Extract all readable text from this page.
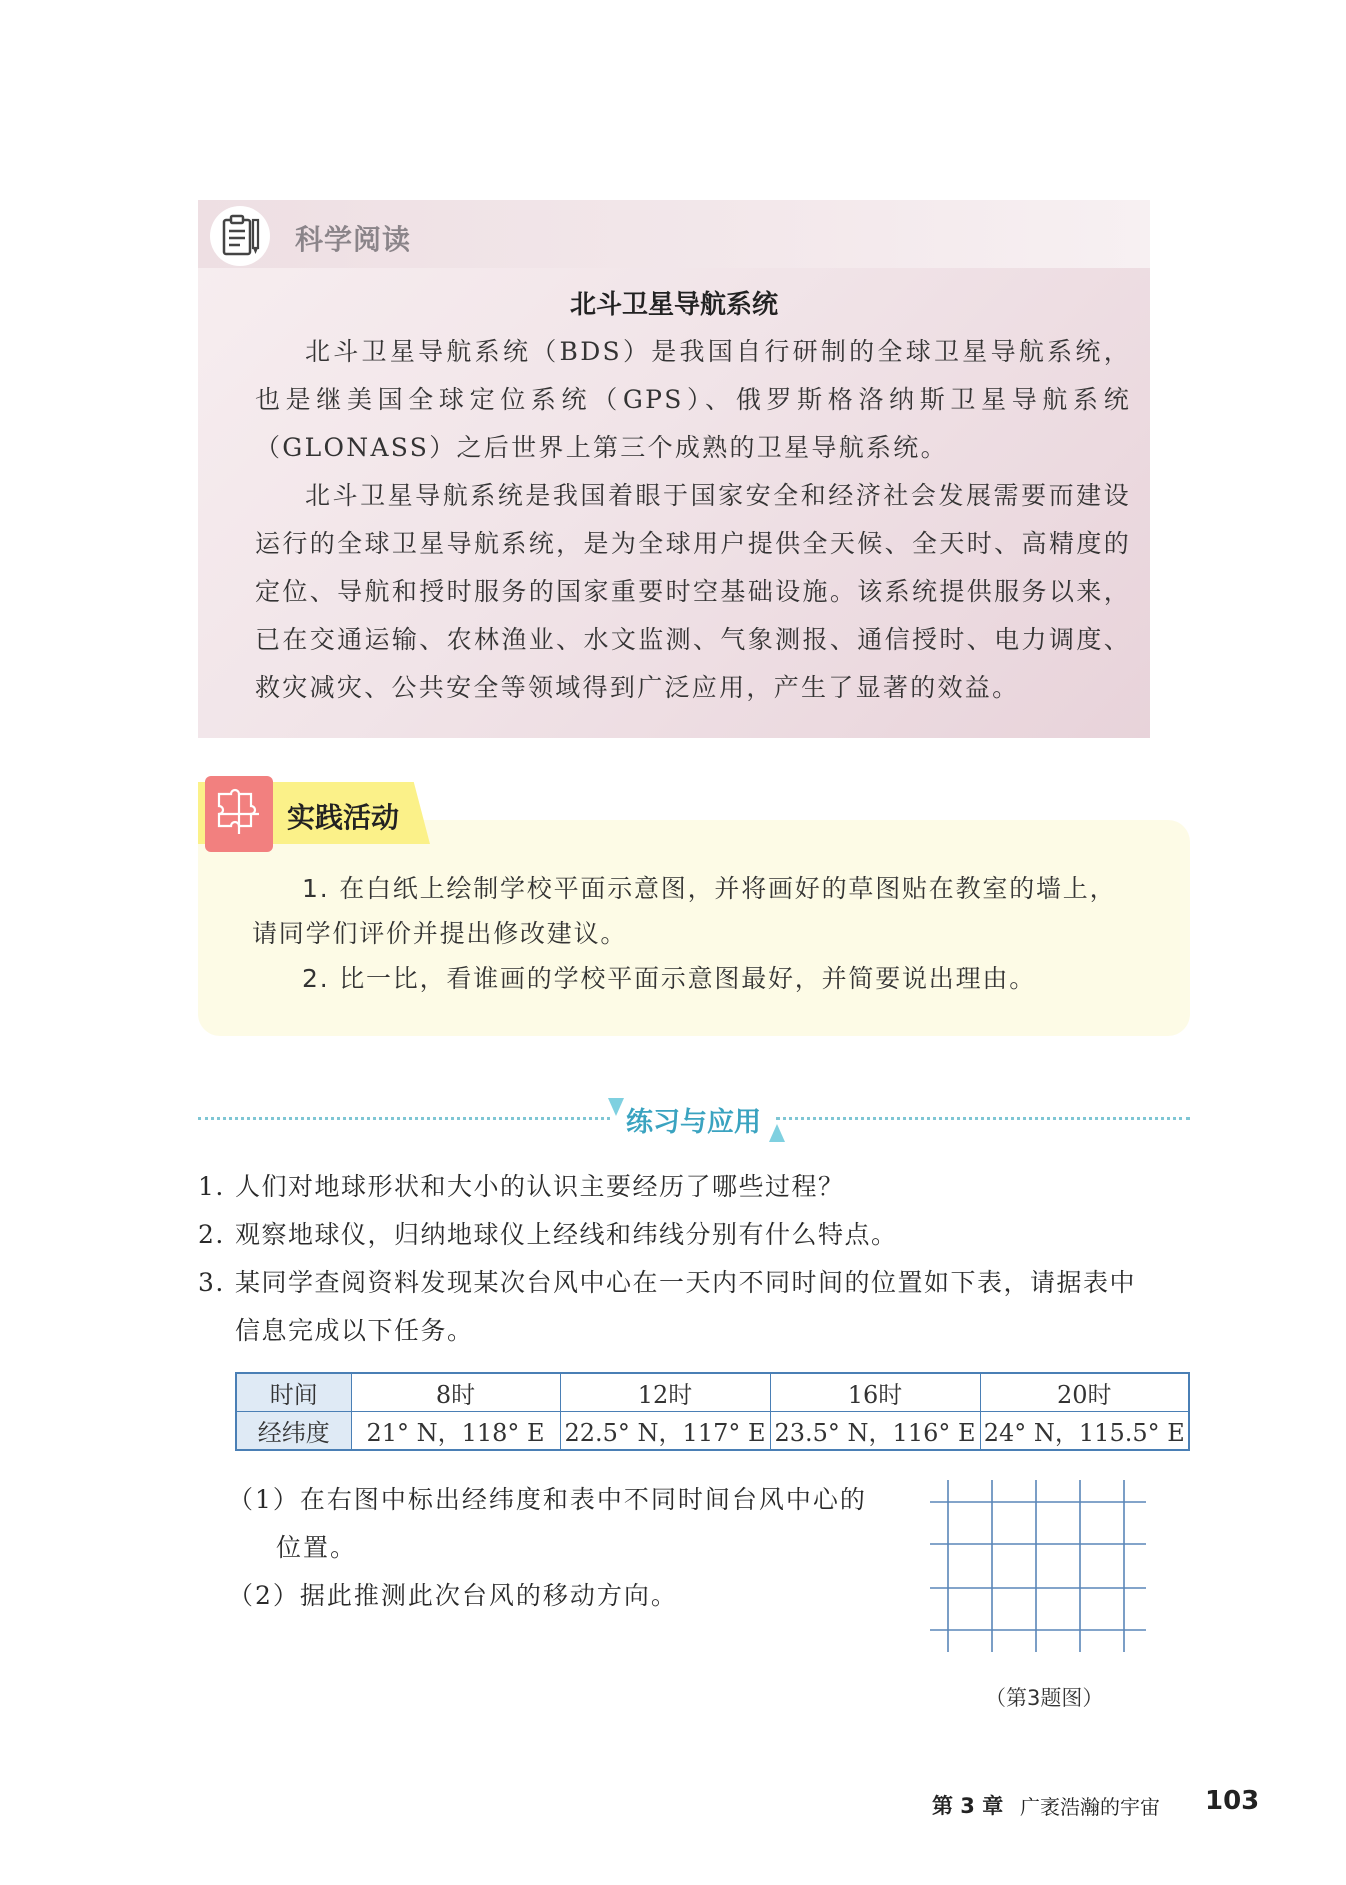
科学阅读
北斗卫星导航系统

北斗卫星导航系统（BDS）是我国自行研制的全球卫星导航系统，也是继美国全球定位系统（GPS）、俄罗斯格洛纳斯卫星导航系统（GLONASS）之后世界上第三个成熟的卫星导航系统。

北斗卫星导航系统是我国着眼于国家安全和经济社会发展需要而建设运行的全球卫星导航系统，是为全球用户提供全天候、全天时、高精度的定位、导航和授时服务的国家重要时空基础设施。该系统提供服务以来，已在交通运输、农林渔业、水文监测、气象测报、通信授时、电力调度、救灾减灾、公共安全等领域得到广泛应用，产生了显著的效益。

实践活动

1. 在白纸上绘制学校平面示意图，并将画好的草图贴在教室的墙上，请同学们评价并提出修改建议。

2. 比一比，看谁画的学校平面示意图最好，并简要说出理由。

练习与应用
1. 人们对地球形状和大小的认识主要经历了哪些过程？
2. 观察地球仪，归纳地球仪上经线和纬线分别有什么特点。
3. 某同学查阅资料发现某次台风中心在一天内不同时间的位置如下表，请据表中
信息完成以下任务。
时间	8时	12时	16时	20时
经纬度	21° N，118° E	22.5° N，117° E	23.5° N，116° E	24° N，115.5° E
（1）在右图中标出经纬度和表中不同时间台风中心的
位置。
（2）据此推测此次台风的移动方向。
（第3题图）
第 3 章 广袤浩瀚的宇宙 103
